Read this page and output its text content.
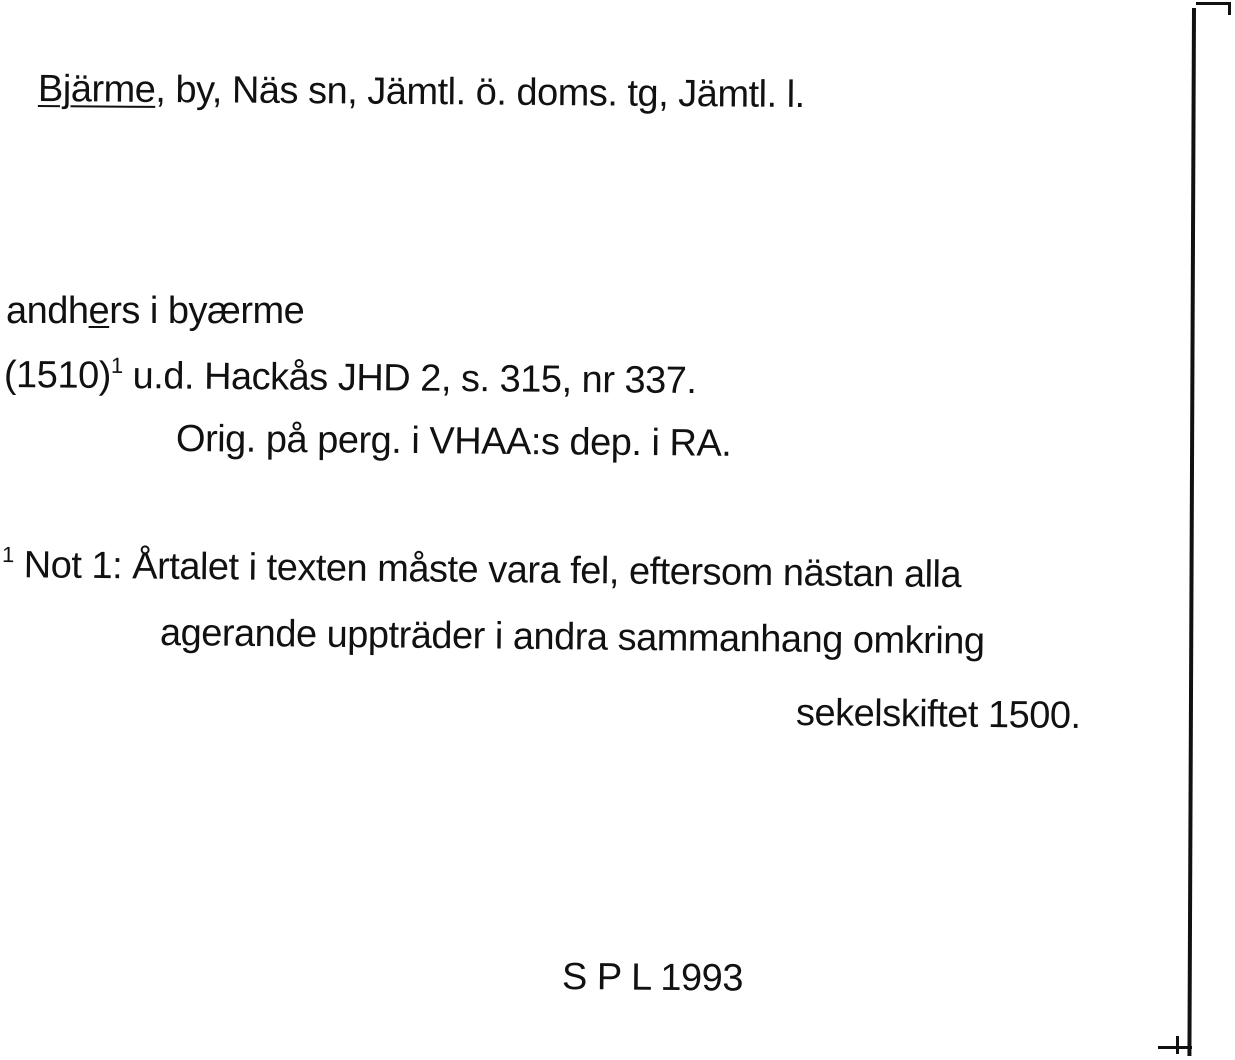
Bjärme, by, Näs sn, Jämtl. ö. doms. tg, Jämtl. l.
andhers i byærme
$(1510)^1$ u.d. Hackås JHD 2, s. 315, nr 337.
Orig. på perg. i VHAA:s dep. i RA.
$^1$ Not 1: Årtalet i texten måste vara fel, eftersom nästan alla
agerande uppträder i andra sammanhang omkring
sekelskiftet 1500.
S P L 1993
